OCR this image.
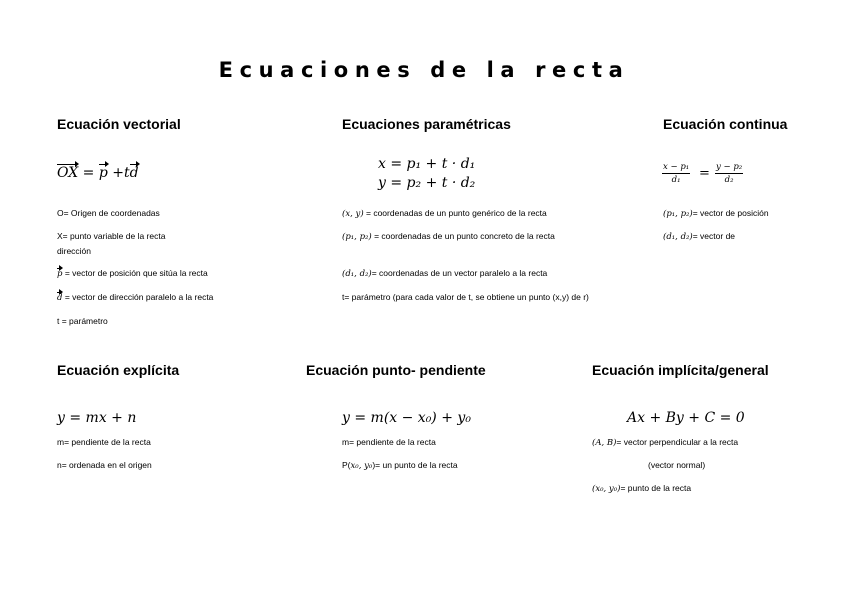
Ecuaciones de la recta
Ecuación vectorial
OX = p +td
O= Origen de coordenadas
X= punto variable de la recta
dirección
p = vector de posición que sitúa la recta
d = vector de dirección paralelo a la recta
t = parámetro
Ecuaciones paramétricas
x = p₁ + t · d₁
y = p₂ + t · d₂
(x, y) = coordenadas de un punto genérico de la recta
(p₁, p₂) = coordenadas de un punto concreto de la recta
(d₁, d₂)= coordenadas de un vector paralelo a la recta
t= parámetro (para cada valor de t, se obtiene un punto (x,y) de r)
Ecuación continua
$\frac{\text{x − p₁}}{\text{d₁}} = \frac{\text{y − p₂}}{\text{d₂}}$
(p₁, p₂)= vector de posición
(d₁, d₂)= vector de
Ecuación explícita
y = mx + n
m= pendiente de la recta
n= ordenada en el origen
Ecuación punto- pendiente
y = m(x − x₀) + y₀
m= pendiente de la recta
P(x₀, y₀)= un punto de la recta
Ecuación implícita/general
Ax + By + C = 0
(A, B)= vector perpendicular a la recta
(vector normal)
(x₀, y₀)= punto de la recta
